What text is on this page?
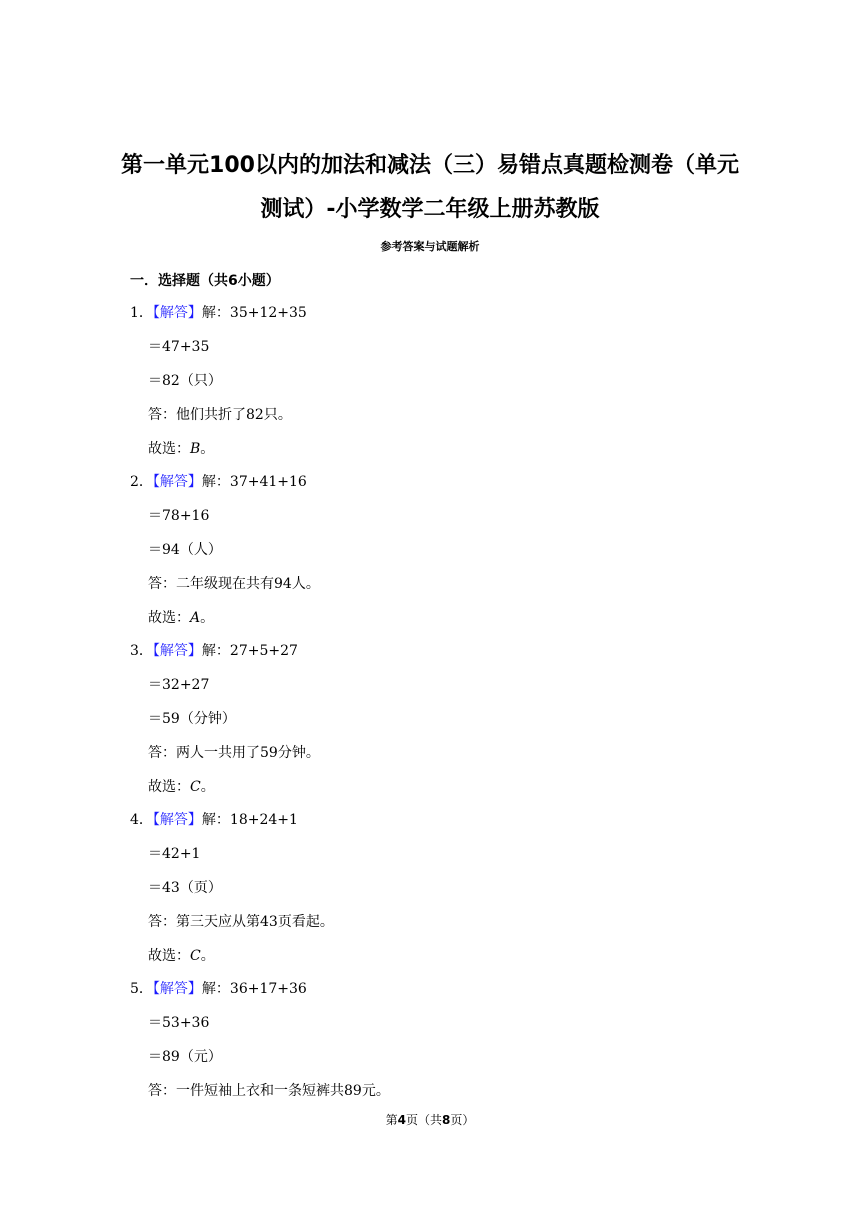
第一单元100以内的加法和减法（三）易错点真题检测卷（单元
测试）-小学数学二年级上册苏教版
参考答案与试题解析
一．选择题（共6小题）
1．【解答】解：35+12+35
＝47+35
＝82（只）
答：他们共折了82只。
故选：B。
2．【解答】解：37+41+16
＝78+16
＝94（人）
答：二年级现在共有94人。
故选：A。
3．【解答】解：27+5+27
＝32+27
＝59（分钟）
答：两人一共用了59分钟。
故选：C。
4．【解答】解：18+24+1
＝42+1
＝43（页）
答：第三天应从第43页看起。
故选：C。
5．【解答】解：36+17+36
＝53+36
＝89（元）
答：一件短袖上衣和一条短裤共89元。
第4页（共8页）
